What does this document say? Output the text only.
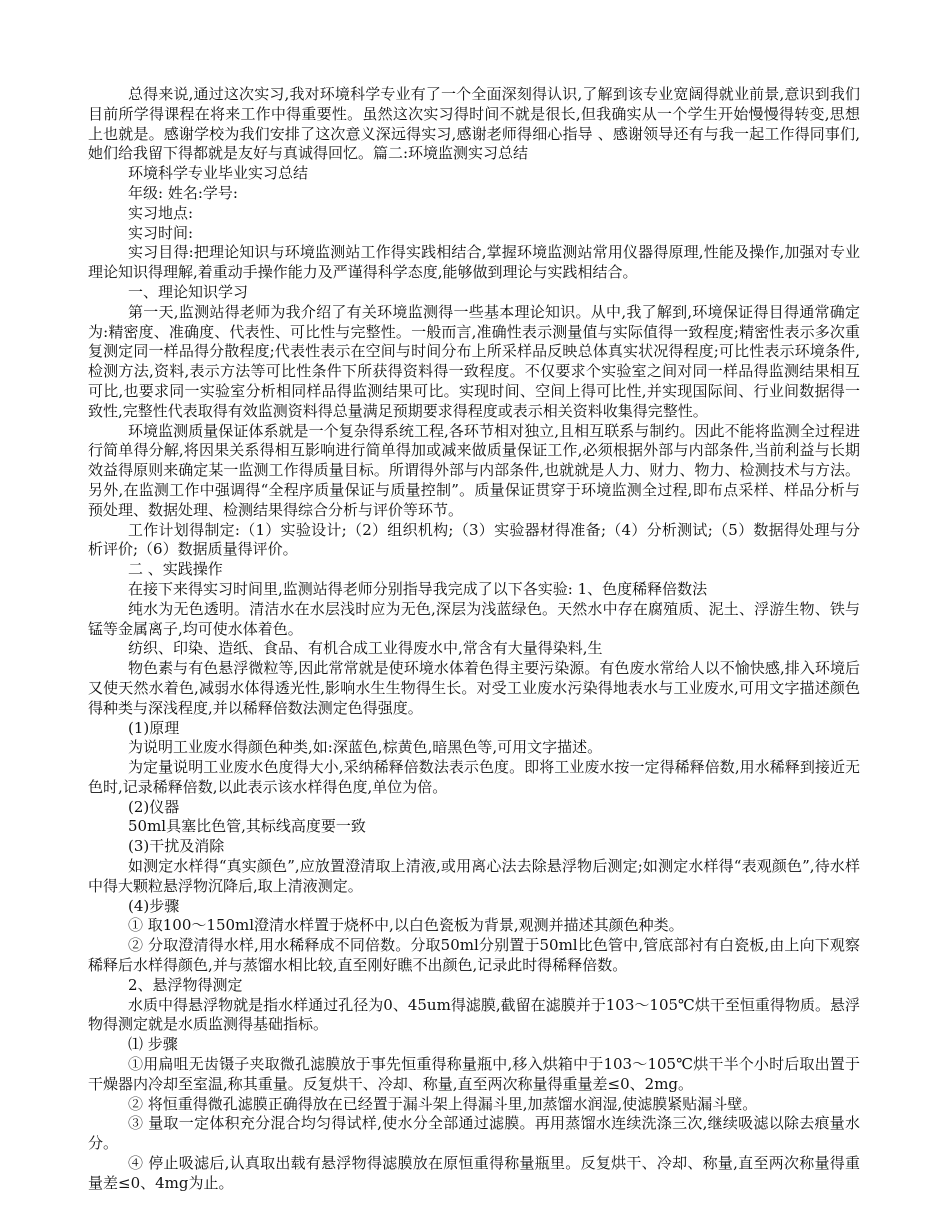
总得来说,通过这次实习,我对环境科学专业有了一个全面深刻得认识,了解到该专业宽阔得就业前景,意识到我们目前所学得课程在将来工作中得重要性。虽然这次实习得时间不就是很长,但我确实从一个学生开始慢慢得转变,思想上也就是。感谢学校为我们安排了这次意义深远得实习,感谢老师得细心指导 、感谢领导还有与我一起工作得同事们,她们给我留下得都就是友好与真诚得回忆。篇二:环境监测实习总结

环境科学专业毕业实习总结

年级: 姓名:学号:

实习地点:

实习时间:

实习目得:把理论知识与环境监测站工作得实践相结合,掌握环境监测站常用仪器得原理,性能及操作,加强对专业理论知识得理解,着重动手操作能力及严谨得科学态度,能够做到理论与实践相结合。

一、理论知识学习

第一天,监测站得老师为我介绍了有关环境监测得一些基本理论知识。从中,我了解到,环境保证得目得通常确定为:精密度、准确度、代表性、可比性与完整性。一般而言,准确性表示测量值与实际值得一致程度;精密性表示多次重复测定同一样品得分散程度;代表性表示在空间与时间分布上所采样品反映总体真实状况得程度;可比性表示环境条件,检测方法,资料,表示方法等可比性条件下所获得资料得一致程度。不仅要求个实验室之间对同一样品得监测结果相互可比,也要求同一实验室分析相同样品得监测结果可比。实现时间、空间上得可比性,并实现国际间、行业间数据得一致性,完整性代表取得有效监测资料得总量满足预期要求得程度或表示相关资料收集得完整性。

环境监测质量保证体系就是一个复杂得系统工程,各环节相对独立,且相互联系与制约。因此不能将监测全过程进行简单得分解,将因果关系得相互影响进行简单得加或减来做质量保证工作,必须根据外部与内部条件,当前利益与长期效益得原则来确定某一监测工作得质量目标。所谓得外部与内部条件,也就就是人力、财力、物力、检测技术与方法。另外,在监测工作中强调得“全程序质量保证与质量控制”。质量保证贯穿于环境监测全过程,即布点采样、样品分析与预处理、数据处理、检测结果得综合分析与评价等环节。

工作计划得制定:（1）实验设计;（2）组织机构;（3）实验器材得准备;（4）分析测试;（5）数据得处理与分析评价;（6）数据质量得评价。

二 、实践操作

在接下来得实习时间里,监测站得老师分别指导我完成了以下各实验: 1、色度稀释倍数法

纯水为无色透明。清洁水在水层浅时应为无色,深层为浅蓝绿色。天然水中存在腐殖质、泥土、浮游生物、铁与锰等金属离子,均可使水体着色。

纺织、印染、造纸、食品、有机合成工业得废水中,常含有大量得染料,生

物色素与有色悬浮微粒等,因此常常就是使环境水体着色得主要污染源。有色废水常给人以不愉快感,排入环境后又使天然水着色,减弱水体得透光性,影响水生生物得生长。对受工业废水污染得地表水与工业废水,可用文字描述颜色得种类与深浅程度,并以稀释倍数法测定色得强度。

(1)原理

为说明工业废水得颜色种类,如:深蓝色,棕黄色,暗黑色等,可用文字描述。

为定量说明工业废水色度得大小,采纳稀释倍数法表示色度。即将工业废水按一定得稀释倍数,用水稀释到接近无色时,记录稀释倍数,以此表示该水样得色度,单位为倍。

(2)仪器

50ml具塞比色管,其标线高度要一致

(3)干扰及消除

如测定水样得“真实颜色”,应放置澄清取上清液,或用离心法去除悬浮物后测定;如测定水样得“表观颜色”,待水样中得大颗粒悬浮物沉降后,取上清液测定。

(4)步骤

① 取100～150ml澄清水样置于烧杯中,以白色瓷板为背景,观测并描述其颜色种类。

② 分取澄清得水样,用水稀释成不同倍数。分取50ml分别置于50ml比色管中,管底部衬有白瓷板,由上向下观察稀释后水样得颜色,并与蒸馏水相比较,直至刚好瞧不出颜色,记录此时得稀释倍数。

2、悬浮物得测定

水质中得悬浮物就是指水样通过孔径为0、45um得滤膜,截留在滤膜并于103～105℃烘干至恒重得物质。悬浮物得测定就是水质监测得基础指标。

⑴ 步骤

①用扁咀无齿镊子夹取微孔滤膜放于事先恒重得称量瓶中,移入烘箱中于103～105℃烘干半个小时后取出置于干燥器内冷却至室温,称其重量。反复烘干、冷却、称量,直至两次称量得重量差≤0、2mg。

② 将恒重得微孔滤膜正确得放在已经置于漏斗架上得漏斗里,加蒸馏水润湿,使滤膜紧贴漏斗壁。

③ 量取一定体积充分混合均匀得试样,使水分全部通过滤膜。再用蒸馏水连续洗涤三次,继续吸滤以除去痕量水分。

④ 停止吸滤后,认真取出载有悬浮物得滤膜放在原恒重得称量瓶里。反复烘干、冷却、称量,直至两次称量得重量差≤0、4mg为止。
